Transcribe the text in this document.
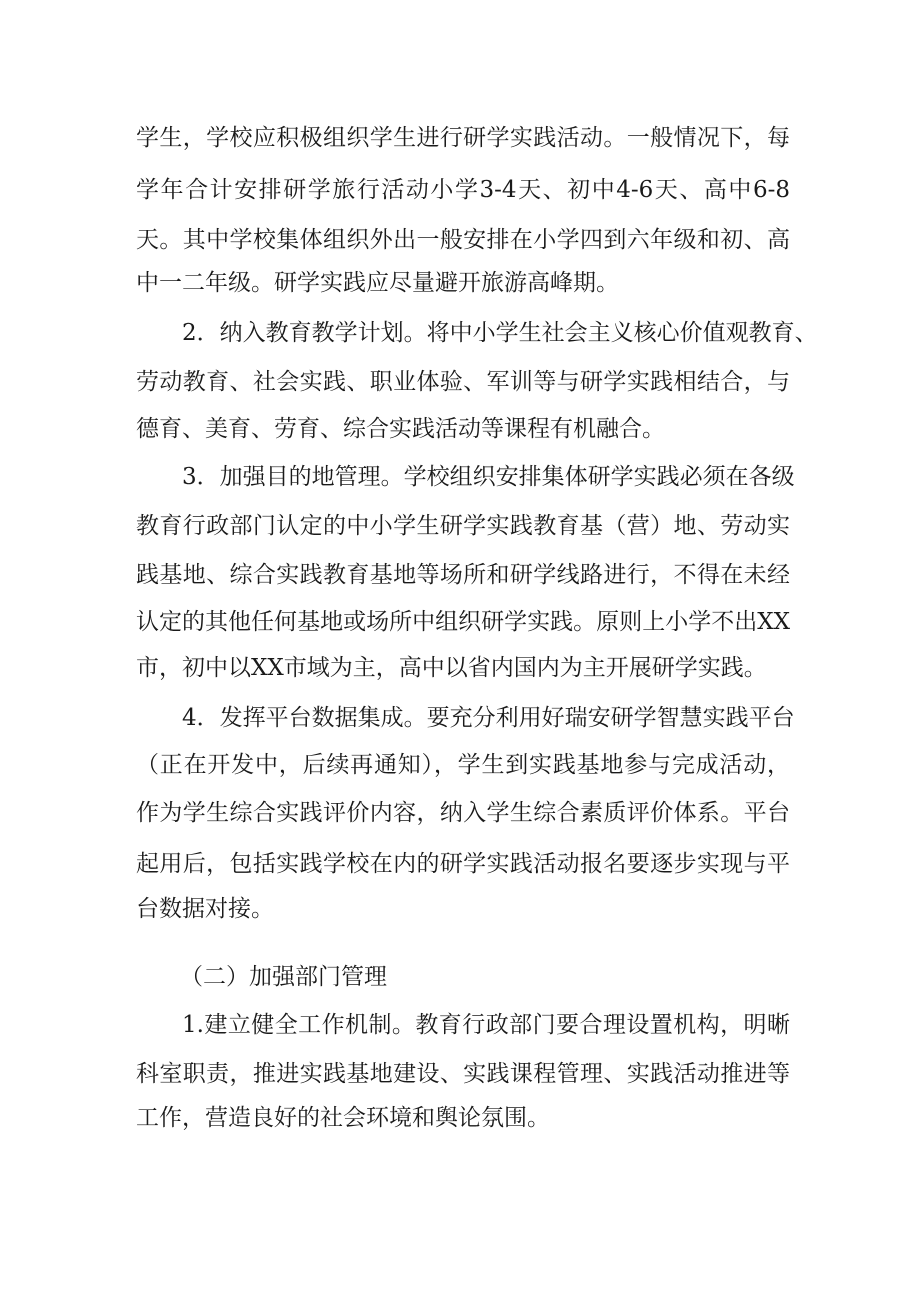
学生，学校应积极组织学生进行研学实践活动。一般情况下，每
学年合计安排研学旅行活动小学3-4天、初中4-6天、高中6-8
天。其中学校集体组织外出一般安排在小学四到六年级和初、高
中一二年级。研学实践应尽量避开旅游高峰期。
2．纳入教育教学计划。将中小学生社会主义核心价值观教育、
劳动教育、社会实践、职业体验、军训等与研学实践相结合，与
德育、美育、劳育、综合实践活动等课程有机融合。
3．加强目的地管理。学校组织安排集体研学实践必须在各级
教育行政部门认定的中小学生研学实践教育基（营）地、劳动实
践基地、综合实践教育基地等场所和研学线路进行，不得在未经
认定的其他任何基地或场所中组织研学实践。原则上小学不出XX
市，初中以XX市域为主，高中以省内国内为主开展研学实践。
4．发挥平台数据集成。要充分利用好瑞安研学智慧实践平台
（正在开发中，后续再通知），学生到实践基地参与完成活动，
作为学生综合实践评价内容，纳入学生综合素质评价体系。平台
起用后，包括实践学校在内的研学实践活动报名要逐步实现与平
台数据对接。
（二）加强部门管理
1.建立健全工作机制。教育行政部门要合理设置机构，明晰
科室职责，推进实践基地建设、实践课程管理、实践活动推进等
工作，营造良好的社会环境和舆论氛围。
